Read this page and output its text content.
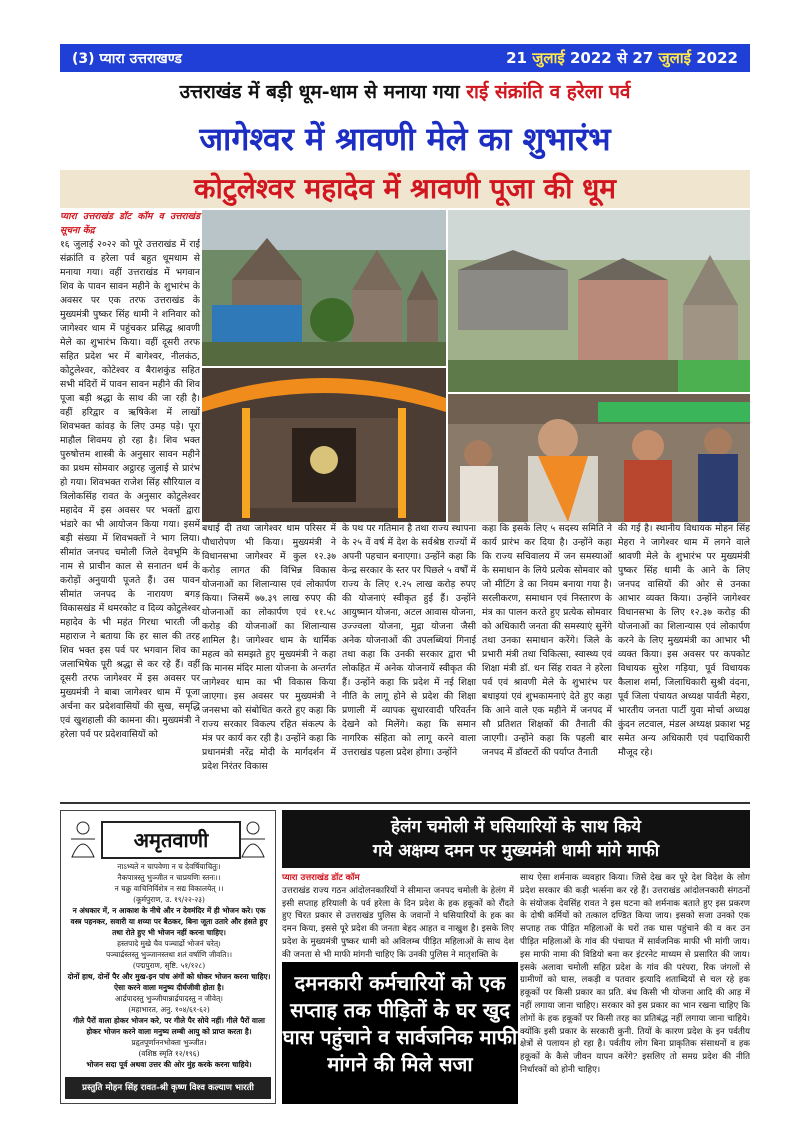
(3) प्यारा उत्तराखण्ड	21 जुलाई 2022 से 27 जुलाई 2022
उत्तराखंड में बड़ी धूम-धाम से मनाया गया राई संक्रांति व हरेला पर्व
जागेश्वर में श्रावणी मेले का शुभारंभ
कोटुलेश्वर महादेव में श्रावणी पूजा की धूम
प्यारा उत्तराखंड डॉट कॉम व उत्तराखंड सूचना केंद्र
१६ जुलाई २०२२ को पूरे उत्तराखंड में राई संक्रांति व हरेला पर्व बहुत धूमधाम से मनाया गया। वहीं उत्तराखंड में भगवान शिव के पावन सावन महीने के शुभारंभ के अवसर पर एक तरफ उत्तराखंड के मुख्यमंत्री पुष्कर सिंह धामी ने शनिवार को जागेश्वर धाम में पहुंचकर प्रसिद्ध श्रावणी मेले का शुभारंभ किया। वहीं दूसरी तरफ सहित प्रदेश भर में बागेश्वर, नीलकंठ, कोटुलेश्वर, कोटेश्वर व बैराशकुंड सहित सभी मंदिरों में पावन सावन महीने की शिव पूजा बड़ी श्रद्धा के साथ की जा रही है। वहीं हरिद्वार व ऋषिकेश में लाखों शिवभक्त कांवड़ के लिए उमड़ पड़े। पूरा माहौल शिवमय हो रहा है। शिव भक्त पुरुषोत्तम शास्त्री के अनुसार सावन महीने का प्रथम सोमवार अट्ठारह जुलाई से प्रारंभ हो गया। शिवभक्त राजेश सिंह सौरियाल व त्रिलोकसिंह रावत के अनुसार कोटुलेश्वर महादेव में इस अवसर पर भक्तों द्वारा भंडारे का भी आयोजन किया गया। इसमें बड़ी संख्या में शिवभक्तों ने भाग लिया। सीमांत जनपद चमोली जिले देवभूमि के नाम से प्राचीन काल से सनातन धर्म के करोड़ों अनुयायी पूजते हैं। उस पावन सीमांत जनपद के नारायण बगड़ विकासखंड में थमरकोट व दिव्य कोटुलेश्वर महादेव के भी महंत गिरधा भारती जी महाराज ने बताया कि हर साल की तरह शिव भक्त इस पर्व पर भगवान शिव का जलाभिषेक पूरी श्रद्धा से कर रहे हैं। वहीं दूसरी तरफ जागेश्वर में इस अवसर पर मुख्यमंत्री ने बाबा जागेश्वर धाम में पूजा अर्चना कर प्रदेशवासियों की सुख, समृद्धि एवं खुशहाली की कामना की। मुख्यमंत्री ने हरेला पर्व पर प्रदेशवासियों को
बधाई दी तथा जागेश्वर धाम परिसर में पौधारोपण भी किया। मुख्यमंत्री ने विधानसभा जागेश्वर में कुल १२.३७ करोड़ लागत की विभिन्न विकास योजनाओं का शिलान्यास एवं लोकार्पण किया। जिसमें ७७.३९ लाख रुपए की योजनाओं का लोकार्पण एवं ११.५८ करोड़ की योजनाओं का शिलान्यास शामिल है। जागेश्वर धाम के धार्मिक महत्व को समझते हुए मुख्यमंत्री ने कहा कि मानस मंदिर माला योजना के अन्तर्गत जागेश्वर धाम का भी विकास किया जाएगा। इस अवसर पर मुख्यमंत्री ने जनसभा को संबोधित करते हुए कहा कि राज्य सरकार विकल्प रहित संकल्प के मंत्र पर कार्य कर रही है। उन्होंने कहा कि प्रधानमंत्री नरेंद्र मोदी के मार्गदर्शन में प्रदेश निरंतर विकास
के पथ पर गतिमान है तथा राज्य स्थापना के २५ वें वर्ष में देश के सर्वश्रेष्ठ राज्यों में अपनी पहचान बनाएगा। उन्होंने कहा कि केन्द्र सरकार के स्तर पर पिछले ५ वर्षों में राज्य के लिए १.२५ लाख करोड़ रुपए की योजनाएं स्वीकृत हुई हैं। उन्होंने आयुष्मान योजना, अटल आवास योजना, उज्ज्वला योजना, मुद्रा योजना जैसी अनेक योजनाओं की उपलब्धियां गिनाई तथा कहा कि उनकी सरकार द्वारा भी लोकहित में अनेक योजनायें स्वीकृत की हैं। उन्होंने कहा कि प्रदेश में नई शिक्षा नीति के लागू होने से प्रदेश की शिक्षा प्रणाली में व्यापक सुधारवादी परिवर्तन देखने को मिलेंगे। कहा कि समान नागरिक संहिता को लागू करने वाला उत्तराखंड पहला प्रदेश होगा। उन्होंने
कहा कि इसके लिए ५ सदस्य समिति ने कार्य प्रारंभ कर दिया है। उन्होंने कहा कि राज्य सचिवालय में जन समस्याओं के समाधान के लिये प्रत्येक सोमवार को जो मीटिंग डे का नियम बनाया गया है। सरलीकरण, समाधान एवं निस्तारण के मंत्र का पालन करते हुए प्रत्येक सोमवार को अधिकारी जनता की समस्याएं सुनेंगे तथा उनका समाधान करेंगे। जिले के प्रभारी मंत्री तथा चिकित्सा, स्वास्थ्य एवं शिक्षा मंत्री डॉ. धन सिंह रावत ने हरेला पर्व एवं श्रावणी मेले के शुभारंभ पर बधाइयां एवं शुभकामनाएं देते हुए कहा कि आने वाले एक महीने में जनपद में सौ प्रतिशत शिक्षकों की तैनाती की जाएगी। उन्होंने कहा कि पहली बार जनपद में डॉक्टरों की पर्याप्त तैनाती
की गई है। स्थानीय विधायक मोहन सिंह मेहरा ने जागेश्वर धाम में लगने वाले श्रावणी मेले के शुभारंभ पर मुख्यमंत्री पुष्कर सिंह धामी के आने के लिए जनपद वासियों की ओर से उनका आभार व्यक्त किया। उन्होंने जागेश्वर विधानसभा के लिए १२.३७ करोड़ की योजनाओं का शिलान्यास एवं लोकार्पण करने के लिए मुख्यमंत्री का आभार भी व्यक्त किया। इस अवसर पर कपकोट विधायक सुरेश गड़िया, पूर्व विधायक कैलाश शर्मा, जिलाधिकारी सुश्री वंदना, पूर्व जिला पंचायत अध्यक्ष पार्वती मेहरा, भारतीय जनता पार्टी युवा मोर्चा अध्यक्ष कुंदन लटवाल, मंडल अध्यक्ष प्रकाश भट्ट समेत अन्य अधिकारी एवं पदाधिकारी मौजूद रहे।
अमृतवाणी
नाऽभ्यते न चापवेणा न च देवर्षियाचितुः।
नैकपात्रस्तु भुञ्जीत न चाप्रयणिः स्तनः।।
न चक्रु वाचिनिर्विशेत्र न सद्य विकालयेत् ।।
(कूर्मपुराण, उ. १९/२२-२३)
न अंधकार में, न आकाश के नीचे और न देवमंदिर में ही भोजन करे। एक वस्त्र पहनकर, सवारी या शय्या पर बैठकर, बिना जूता उतारे और हंसते हुए तथा रोते हुए भी भोजन नहीं करना चाहिए।
हस्तपादे मुखे चैव पञ्चार्द्रो भोजनं चरेत्।
पञ्चार्द्रस्तस्तु भुञ्जानस्तथा शतं वर्षाणि जीवति।।
(पद्मपुराण, सृष्टि. ५१/१२८)
दोनों हाथ, दोनों पैर और मुख-इन पांच अंगों को धोकर भोजन करना चाहिए। ऐसा करने वाला मनुष्य दीर्घजीवी होता है।
आर्द्रपादस्तु भुञ्जीयान्नार्द्रपादस्तु न जीवेत्।
(महाभारत, अनु. १०४/६१-६२)
गीले पैरों वाला होकर भोजन करे, पर गीले पैर सोये नहीं। गीले पैरों वाला होकर भोजन करने वाला मनुष्य लम्बी आयु को प्राप्त करता है।
प्रहृतपूर्णाननभोक्ता भुञ्जीत।
(वशिष्ठ स्मृति १२/१९६)
भोजन सदा पूर्व अथवा उत्तर की ओर मुंह करके करना चाहिये।
प्रस्तुति मोहन सिंह रावत-श्री कृष्ण विश्व कल्याण भारती
हेलंग चमोली में घसियारियों के साथ किये
गये अक्षम्य दमन पर मुख्यमंत्री धामी मांगे माफी
प्यारा उत्तराखंड डॉट कॉम
उत्तराखंड राज्य गठन आंदोलनकारियों ने सीमान्त जनपद चमोली के हेलंग में इसी सप्ताह हरियाली के पर्व हरेला के दिन प्रदेश के हक हकूकों को रौंदते हुए चिरत प्रकार से उत्तराखंड पुलिस के जवानों ने घसियारियों के हक का दमन किया, इससे पूरे प्रदेश की जनता बेहद आहत व नाखुश है। इसके लिए प्रदेश के मुख्यमंत्री पुष्कर धामी को अविलम्ब पीड़ित महिलाओं के साथ देश की जनता से भी माफी मांगनी चाहिए कि उनकी पुलिस ने मातृशक्ति के
दमनकारी कर्मचारियों को एक सप्ताह तक पीड़ितों के घर खुद घास पहुंचाने व सार्वजनिक माफी मांगने की मिले सजा
साथ ऐसा शर्मनाक व्यवहार किया। जिसे देख कर पूरे देश विदेश के लोग प्रदेश सरकार की कड़ी भर्त्सना कर रहे हैं। उत्तराखंड आंदोलनकारी संगठनों के संयोजक देवसिंह रावत ने इस घटना को शर्मनाक बताते हुए इस प्रकरण के दोषी कर्मियों को तत्काल दण्डित किया जाय। इसको सजा उनको एक सप्ताह तक पीड़ित महिलाओं के घरों तक घास पहुंचाने की व कर उन पीड़ित महिलाओं के गांव की पंचायत में सार्वजनिक माफी भी मांगी जाय। इस माफी नामा की विडियो बना कर इंटरनेट माध्यम से प्रसारित की जाय। इसके अलावा चमोली सहित प्रदेश के गांव की परंपरा, रिक जंगलों से ग्रामीणों को घास, लकड़ी व पतवार इत्यादि शताब्दियों से चल रहे हक हकूकों पर किसी प्रकार का प्रति. बंध किसी भी योजना आदि की आड़ में नहीं लगाया जाना चाहिए। सरकार को इस प्रकार का भान रखना चाहिए कि लोगों के हक हकूकों पर किसी तरह का प्रतिबंद्ध नहीं लगाया जाना चाहिये। क्योंकि इसी प्रकार के सरकारी कुनी. तियों के कारण प्रदेश के इन पर्वतीय क्षेत्रों से पलायन हो रहा है। पर्वतीय लोग बिना प्राकृतिक संसाधनों व हक हकूकों के कैसे जीवन यापन करेंगे? इसलिए तो समग्र प्रदेश की नीति निर्धारकों को होनी चाहिए।
